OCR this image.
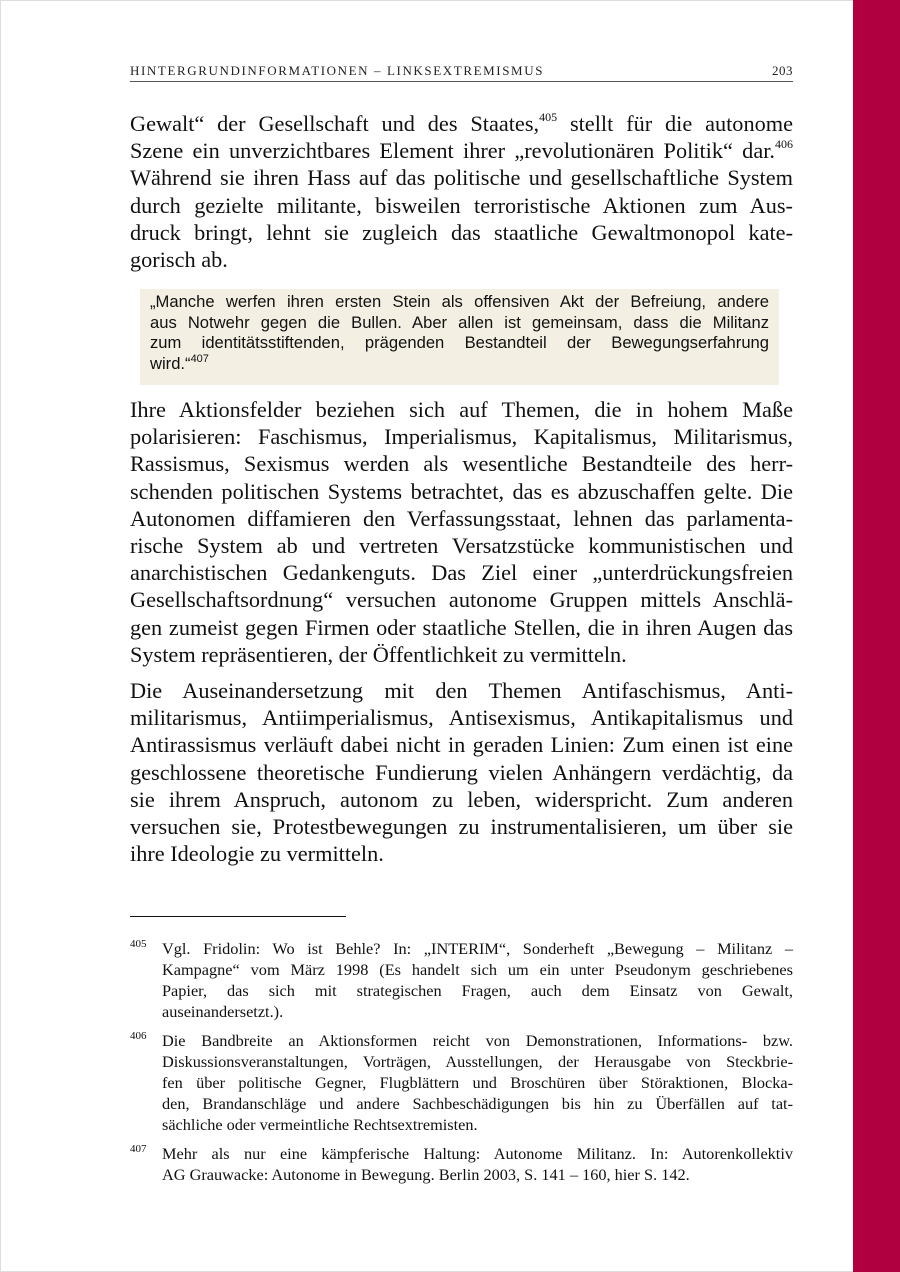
HINTERGRUNDINFORMATIONEN – LINKSEXTREMISMUS	203
Gewalt“ der Gesellschaft und des Staates,$^{405}$ stellt für die autonome
Szene ein unverzichtbares Element ihrer „revolutionären Politik“ dar.$^{406}$
Während sie ihren Hass auf das politische und gesellschaftliche System
durch gezielte militante, bisweilen terroristische Aktionen zum Aus-
druck bringt, lehnt sie zugleich das staatliche Gewaltmonopol kate-
gorisch ab.
„Manche werfen ihren ersten Stein als offensiven Akt der Befreiung, andere
aus Notwehr gegen die Bullen. Aber allen ist gemeinsam, dass die Militanz
zum identitätsstiftenden, prägenden Bestandteil der Bewegungserfahrung
wird.“$^{407}$
Ihre Aktionsfelder beziehen sich auf Themen, die in hohem Maße
polarisieren: Faschismus, Imperialismus, Kapitalismus, Militarismus,
Rassismus, Sexismus werden als wesentliche Bestandteile des herr-
schenden politischen Systems betrachtet, das es abzuschaffen gelte. Die
Autonomen diffamieren den Verfassungsstaat, lehnen das parlamenta-
rische System ab und vertreten Versatzstücke kommunistischen und
anarchistischen Gedankenguts. Das Ziel einer „unterdrückungsfreien
Gesellschaftsordnung“ versuchen autonome Gruppen mittels Anschlä-
gen zumeist gegen Firmen oder staatliche Stellen, die in ihren Augen das
System repräsentieren, der Öffentlichkeit zu vermitteln.
Die Auseinandersetzung mit den Themen Antifaschismus, Anti-
militarismus, Antiimperialismus, Antisexismus, Antikapitalismus und
Antirassismus verläuft dabei nicht in geraden Linien: Zum einen ist eine
geschlossene theoretische Fundierung vielen Anhängern verdächtig, da
sie ihrem Anspruch, autonom zu leben, widerspricht. Zum anderen
versuchen sie, Protestbewegungen zu instrumentalisieren, um über sie
ihre Ideologie zu vermitteln.
405 Vgl. Fridolin: Wo ist Behle? In: „INTERIM“, Sonderheft „Bewegung – Militanz –
Kampagne“ vom März 1998 (Es handelt sich um ein unter Pseudonym geschriebenes
Papier, das sich mit strategischen Fragen, auch dem Einsatz von Gewalt,
auseinandersetzt.).
406 Die Bandbreite an Aktionsformen reicht von Demonstrationen, Informations- bzw.
Diskussionsveranstaltungen, Vorträgen, Ausstellungen, der Herausgabe von Steckbrie-
fen über politische Gegner, Flugblättern und Broschüren über Störaktionen, Blocka-
den, Brandanschläge und andere Sachbeschädigungen bis hin zu Überfällen auf tat-
sächliche oder vermeintliche Rechtsextremisten.
407 Mehr als nur eine kämpferische Haltung: Autonome Militanz. In: Autorenkollektiv
AG Grauwacke: Autonome in Bewegung. Berlin 2003, S. 141 – 160, hier S. 142.
